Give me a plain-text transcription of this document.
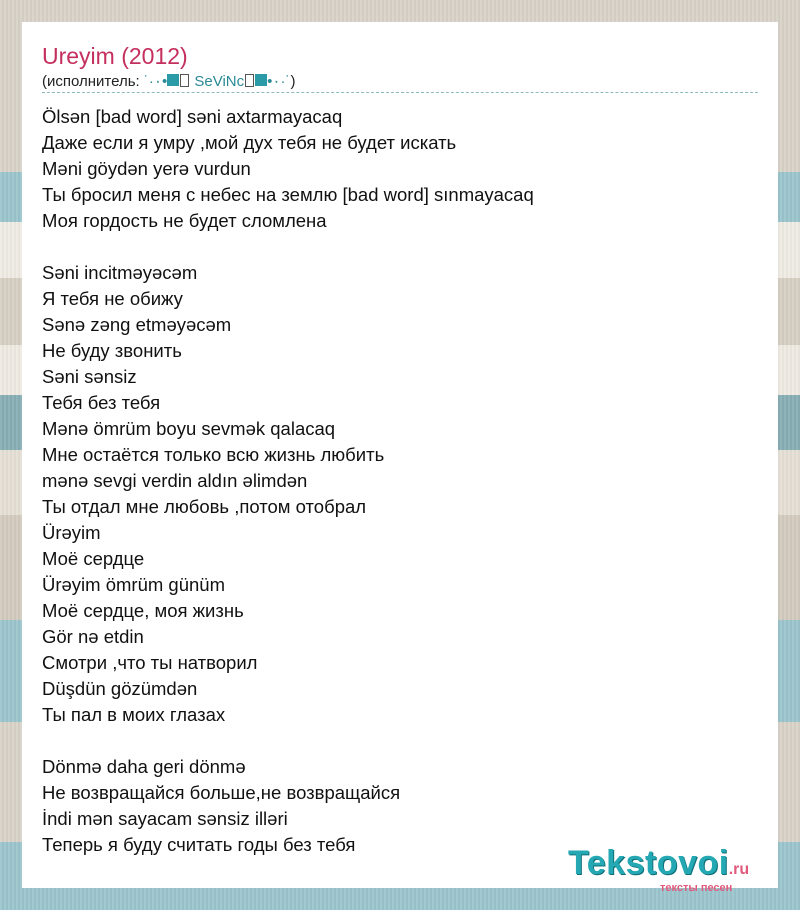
Ureyim (2012)
(исполнитель: ˙·٠• SeViNc •٠·˙)
Ölsən [bad word] səni axtarmayacaq
Даже если я умру ,мой дух тебя не будет искать
Məni göydən yerə vurdun
Ты бросил меня с небес на землю [bad word] sınmayacaq
Моя гордость не будет сломлена
Səni incitməyəcəm
Я тебя не обижу
Sənə zəng etməyəcəm
Не буду звонить
Səni sənsiz
Тебя без тебя
Mənə ömrüm boyu sevmək qalacaq
Мне остаётся только всю жизнь любить
mənə sevgi verdin aldın əlimdən
Ты отдал мне любовь ,потом отобрал
Ürəyim
Моё сердце
Ürəyim ömrüm günüm
Моё сердце, моя жизнь
Gör nə etdin
Смотри ,что ты натворил
Düşdün gözümdən
Ты пал в моих глазах
Dönmə daha geri dönmə
Не возвращайся больше,не возвращайся
İndi mən sayacam sənsiz illəri
Теперь я буду считать годы без тебя	Tekstovoi.ru
тексты песен
